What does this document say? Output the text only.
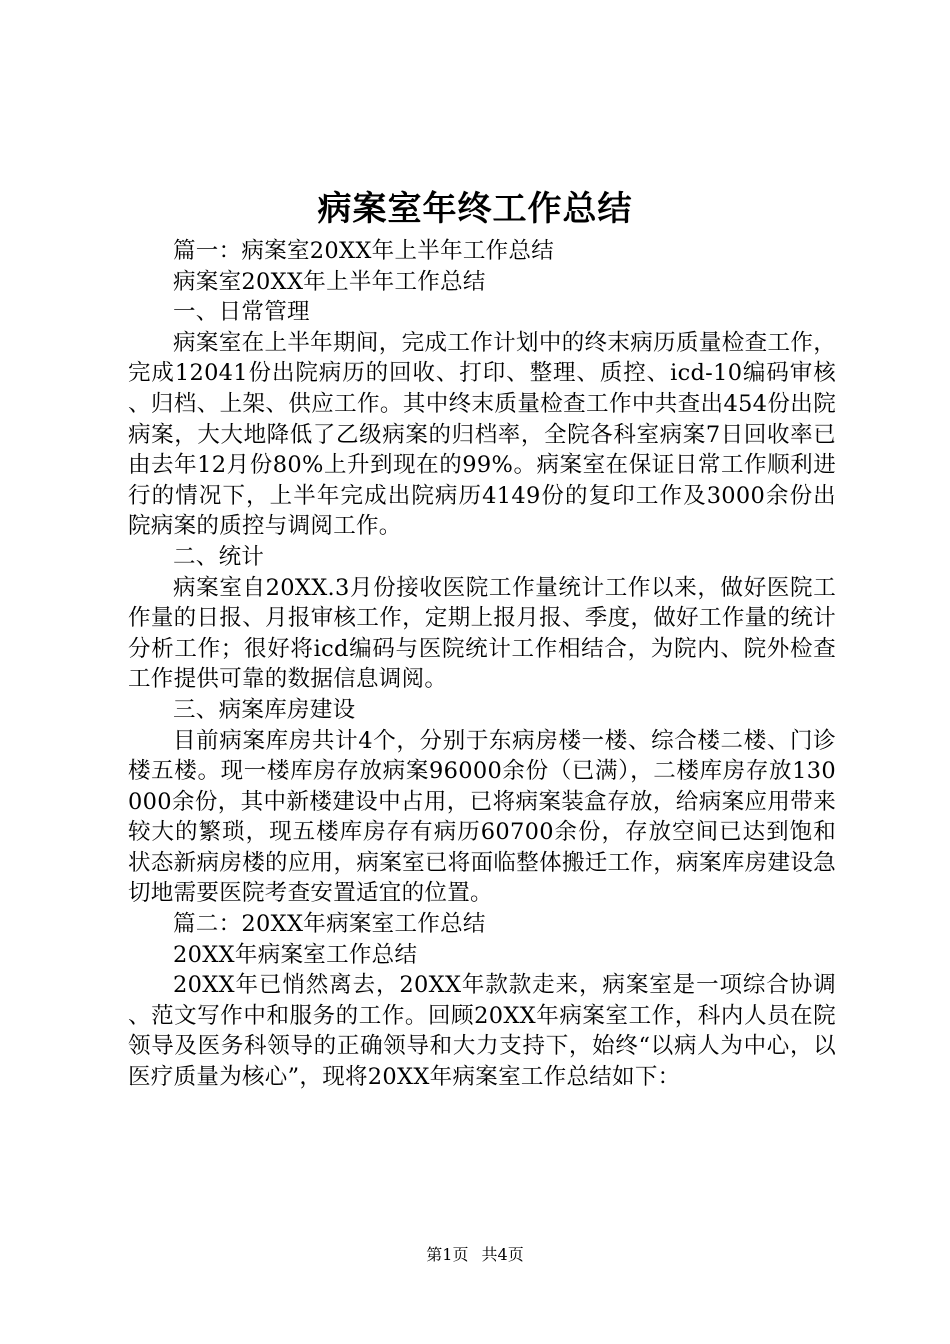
病案室年终工作总结

篇一：病案室20XX年上半年工作总结

病案室20XX年上半年工作总结

一、日常管理

病案室在上半年期间，完成工作计划中的终末病历质量检查工作，完成12041份出院病历的回收、打印、整理、质控、icd-10编码审核、归档、上架、供应工作。其中终末质量检查工作中共查出454份出院病案，大大地降低了乙级病案的归档率，全院各科室病案7日回收率已由去年12月份80%上升到现在的99%。病案室在保证日常工作顺利进行的情况下，上半年完成出院病历4149份的复印工作及3000余份出院病案的质控与调阅工作。

二、统计

病案室自20XX.3月份接收医院工作量统计工作以来，做好医院工作量的日报、月报审核工作，定期上报月报、季度，做好工作量的统计分析工作；很好将icd编码与医院统计工作相结合，为院内、院外检查工作提供可靠的数据信息调阅。

三、病案库房建设

目前病案库房共计4个，分别于东病房楼一楼、综合楼二楼、门诊楼五楼。现一楼库房存放病案96000余份（已满），二楼库房存放130000余份，其中新楼建设中占用，已将病案装盒存放，给病案应用带来较大的繁琐，现五楼库房存有病历60700余份，存放空间已达到饱和状态新病房楼的应用，病案室已将面临整体搬迁工作，病案库房建设急切地需要医院考查安置适宜的位置。

篇二：20XX年病案室工作总结

20XX年病案室工作总结

20XX年已悄然离去，20XX年款款走来，病案室是一项综合协调、范文写作中和服务的工作。回顾20XX年病案室工作，科内人员在院领导及医务科领导的正确领导和大力支持下，始终“以病人为中心，以医疗质量为核心”，现将20XX年病案室工作总结如下：

第1页 共4页
